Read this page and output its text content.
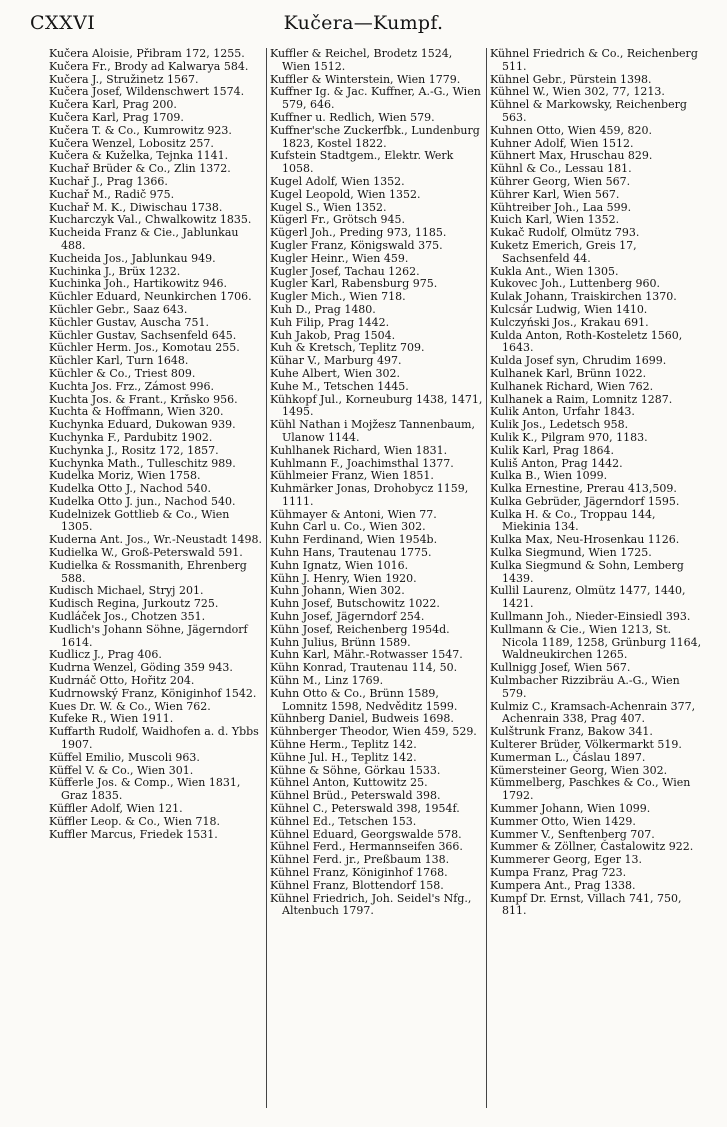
CXXVI	Kučera—Kumpf.
Kučera Aloisie, Přibram 172, 1255.
Kučera Fr., Brody ad Kalwarya 584.
Kučera J., Stružinetz 1567.
Kučera Josef, Wildenschwert 1574.
Kučera Karl, Prag 200.
Kučera Karl, Prag 1709.
Kučera T. & Co., Kumrowitz 923.
Kučera Wenzel, Lobositz 257.
Kučera & Kuželka, Tejnka 1141.
Kuchař Brüder & Co., Zlin 1372.
Kuchař J., Prag 1366.
Kuchař M., Radič 975.
Kuchař M. K., Diwischau 1738.
Kucharczyk Val., Chwalkowitz 1835.
Kucheida Franz & Cie., Jablunkau 488.
Kucheida Jos., Jablunkau 949.
Kuchinka J., Brüx 1232.
Kuchinka Joh., Hartikowitz 946.
Küchler Eduard, Neunkirchen 1706.
Küchler Gebr., Saaz 643.
Küchler Gustav, Auscha 751.
Küchler Gustav, Sachsenfeld 645.
Küchler Herm. Jos., Komotau 255.
Küchler Karl, Turn 1648.
Küchler & Co., Triest 809.
Kuchta Jos. Frz., Zámost 996.
Kuchta Jos. & Frant., Krňsko 956.
Kuchta & Hoffmann, Wien 320.
Kuchynka Eduard, Dukowan 939.
Kuchynka F., Pardubitz 1902.
Kuchynka J., Rositz 172, 1857.
Kuchynka Math., Tulleschitz 989.
Kudelka Moriz, Wien 1758.
Kudelka Otto J., Nachod 540.
Kudelka Otto J. jun., Nachod 540.
Kudelnizek Gottlieb & Co., Wien 1305.
Kuderna Ant. Jos., Wr.-Neustadt 1498.
Kudielka W., Groß-Peterswald 591.
Kudielka & Rossmanith, Ehrenberg 588.
Kudisch Michael, Stryj 201.
Kudisch Regina, Jurkoutz 725.
Kudláček Jos., Chotzen 351.
Kudlich's Johann Söhne, Jägerndorf 1614.
Kudlicz J., Prag 406.
Kudrna Wenzel, Göding 359 943.
Kudrnáč Otto, Hořitz 204.
Kudrnowský Franz, Königinhof 1542.
Kues Dr. W. & Co., Wien 762.
Kufeke R., Wien 1911.
Kuffarth Rudolf, Waidhofen a. d. Ybbs 1907.
Küffel Emilio, Muscoli 963.
Küffel V. & Co., Wien 301.
Küfferle Jos. & Comp., Wien 1831, Graz 1835.
Küffler Adolf, Wien 121.
Küffler Leop. & Co., Wien 718.
Kuffler Marcus, Friedek 1531.
Kuffler & Reichel, Brodetz 1524, Wien 1512.
Kuffler & Winterstein, Wien 1779.
Kuffner Ig. & Jac. Kuffner, A.-G., Wien 579, 646.
Kuffner u. Redlich, Wien 579.
Kuffner'sche Zuckerfbk., Lundenburg 1823, Kostel 1822.
Kufstein Stadtgem., Elektr. Werk 1058.
Kugel Adolf, Wien 1352.
Kugel Leopold, Wien 1352.
Kugel S., Wien 1352.
Kügerl Fr., Grötsch 945.
Kügerl Joh., Preding 973, 1185.
Kugler Franz, Königswald 375.
Kugler Heinr., Wien 459.
Kugler Josef, Tachau 1262.
Kugler Karl, Rabensburg 975.
Kugler Mich., Wien 718.
Kuh D., Prag 1480.
Kuh Filip, Prag 1442.
Kuh Jakob, Prag 1504.
Kuh & Kretsch, Teplitz 709.
Kühar V., Marburg 497.
Kuhe Albert, Wien 302.
Kuhe M., Tetschen 1445.
Kühkopf Jul., Korneuburg 1438, 1471, 1495.
Kühl Nathan i Mojžesz Tannenbaum, Ulanow 1144.
Kuhlhanek Richard, Wien 1831.
Kuhlmann F., Joachimsthal 1377.
Kühlmeier Franz, Wien 1851.
Kuhmärker Jonas, Drohobycz 1159, 1111.
Kühmayer & Antoni, Wien 77.
Kuhn Carl u. Co., Wien 302.
Kuhn Ferdinand, Wien 1954b.
Kuhn Hans, Trautenau 1775.
Kuhn Ignatz, Wien 1016.
Kühn J. Henry, Wien 1920.
Kuhn Johann, Wien 302.
Kuhn Josef, Butschowitz 1022.
Kuhn Josef, Jägerndorf 254.
Kühn Josef, Reichenberg 1954d.
Kuhn Julius, Brünn 1589.
Kuhn Karl, Mähr.-Rotwasser 1547.
Kühn Konrad, Trautenau 114, 50.
Kühn M., Linz 1769.
Kuhn Otto & Co., Brünn 1589, Lomnitz 1598, Nedvěditz 1599.
Kühnberg Daniel, Budweis 1698.
Kühnberger Theodor, Wien 459, 529.
Kühne Herm., Teplitz 142.
Kühne Jul. H., Teplitz 142.
Kühne & Söhne, Görkau 1533.
Kühnel Anton, Kuttowitz 25.
Kühnel Brüd., Peterswald 398.
Kühnel C., Peterswald 398, 1954f.
Kühnel Ed., Tetschen 153.
Kühnel Eduard, Georgswalde 578.
Kühnel Ferd., Hermannseifen 366.
Kühnel Ferd. jr., Preßbaum 138.
Kühnel Franz, Königinhof 1768.
Kühnel Franz, Blottendorf 158.
Kühnel Friedrich, Joh. Seidel's Nfg., Altenbuch 1797.
Kühnel Friedrich & Co., Reichenberg 511.
Kühnel Gebr., Pürstein 1398.
Kühnel W., Wien 302, 77, 1213.
Kühnel & Markowsky, Reichenberg 563.
Kuhnen Otto, Wien 459, 820.
Kuhner Adolf, Wien 1512.
Kühnert Max, Hruschau 829.
Kühnl & Co., Lessau 181.
Kührer Georg, Wien 567.
Kührer Karl, Wien 567.
Kühtreiber Joh., Laa 599.
Kuich Karl, Wien 1352.
Kukač Rudolf, Olmütz 793.
Kuketz Emerich, Greis 17, Sachsenfeld 44.
Kukla Ant., Wien 1305.
Kukovec Joh., Luttenberg 960.
Kulak Johann, Traiskirchen 1370.
Kulcsár Ludwig, Wien 1410.
Kulczyński Jos., Krakau 691.
Kulda Anton, Roth-Kosteletz 1560, 1643.
Kulda Josef syn, Chrudim 1699.
Kulhanek Karl, Brünn 1022.
Kulhanek Richard, Wien 762.
Kulhanek a Raim, Lomnitz 1287.
Kulik Anton, Urfahr 1843.
Kulik Jos., Ledetsch 958.
Kulik K., Pilgram 970, 1183.
Kulik Karl, Prag 1864.
Kuliš Anton, Prag 1442.
Kulka B., Wien 1099.
Kulka Ernestine, Prerau 413,509.
Kulka Gebrüder, Jägerndorf 1595.
Kulka H. & Co., Troppau 144, Miekinia 134.
Kulka Max, Neu-Hrosenkau 1126.
Kulka Siegmund, Wien 1725.
Kulka Siegmund & Sohn, Lemberg 1439.
Kullil Laurenz, Olmütz 1477, 1440, 1421.
Kullmann Joh., Nieder-Einsiedl 393.
Kullmann & Cie., Wien 1213, St. Nicola 1189, 1258, Grünburg 1164, Waldneukirchen 1265.
Kullnigg Josef, Wien 567.
Kulmbacher Rizzibräu A.-G., Wien 579.
Kulmiz C., Kramsach-Achenrain 377, Achenrain 338, Prag 407.
Kulštrunk Franz, Bakow 341.
Kulterer Brüder, Völkermarkt 519.
Kumerman L., Čáslau 1897.
Kümersteiner Georg, Wien 302.
Kümmelberg, Paschkes & Co., Wien 1792.
Kummer Johann, Wien 1099.
Kummer Otto, Wien 1429.
Kummer V., Senftenberg 707.
Kummer & Zöllner, Častalowitz 922.
Kummerer Georg, Eger 13.
Kumpa Franz, Prag 723.
Kumpera Ant., Prag 1338.
Kumpf Dr. Ernst, Villach 741, 750, 811.
